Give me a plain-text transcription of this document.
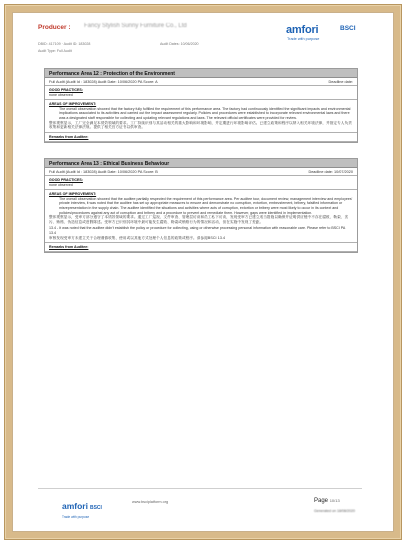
Producer : Fancy Stylish Sunny Furniture Co., Ltd
DBID: 417109 · Audit ID: 183028	Audit Dates: 10/06/2020
Audit Type: Full Audit
amfori	BSCI
Trade with purpose
Performance Area 12 : Protection of the Environment
Full Audit (Audit Id : 183028) Audit Date: 10/06/2020 PA Score: A	Deadline date:
GOOD PRACTICES:
none observed
AREAS OF IMPROVEMENT:
The overall observation showed that the factory fully fulfilled the requirement of this performance area. The factory had continuously identified the significant impacts and environmental implications associated to its activities and carried out the impact assessment regularly. Policies and procedures were established to incorporate relevant environmental laws and there was a designated staff responsible for collecting and updating relevant regulations and laws. The relevant official certificates were provided for review.
整体观察显示，工厂完全满足本绩效领域的要求。工厂持续识别与其活动相关的重大影响和环境影响，并定期进行环境影响评估。已建立政策和程序以纳入相关环境法律，并指定专人负责收集和更新相关法律法规。提供了相关官方证书以供审查。
Remarks from Auditee:
Performance Area 13 : Ethical Business Behaviour
Full Audit (Audit Id : 183028) Audit Date: 10/06/2020 PA Score: B	Deadline date: 10/07/2020
GOOD PRACTICES:
none observed
AREAS OF IMPROVEMENT:
The overall observation showed that the auditee partially respected the requirement of this performance area. Per auditee tour, document review, management interview and employees' private interview, it was noted that the auditee has set up appropriate measures to ensure and demonstrate no corruption, extortion, embezzlement, bribery, falsified information or misrepresentation in the supply chain. The auditee identified the situations and activities where acts of corruption, extortion or bribery were most likely to occur in its context and policies/procedures against any act of corruption and bribery and a procedure to prevent and remediate them. However, gaps were identified in implementation.
整体观察显示，受审方部分遵守了本绩效领域的要求。通过工厂巡视、文件审查、管理层访谈和员工私下访谈，发现受审方已建立适当措施以确保并证明供应链中不存在腐败、勒索、贪污、贿赂、伪造信息或虚假陈述。受审方已识别其环境中最可能发生腐败、勒索或贿赂行为的情况和活动，但在实施中发现了差距。
13.4 - It was noted that the auditee didn't establish the policy or procedure for collecting, using or otherwise processing personal information with reasonable care. Please refer to BSCI PA 13.4
审核发现受审方未建立关于合理谨慎收集、使用或以其他方式处理个人信息的政策或程序。请参阅BSCI 13.4
Remarks from Auditee:
amfori BSCI
Trade with purpose
www.bsciplatform.org	Page 10/13
Generated on 18/08/2020
